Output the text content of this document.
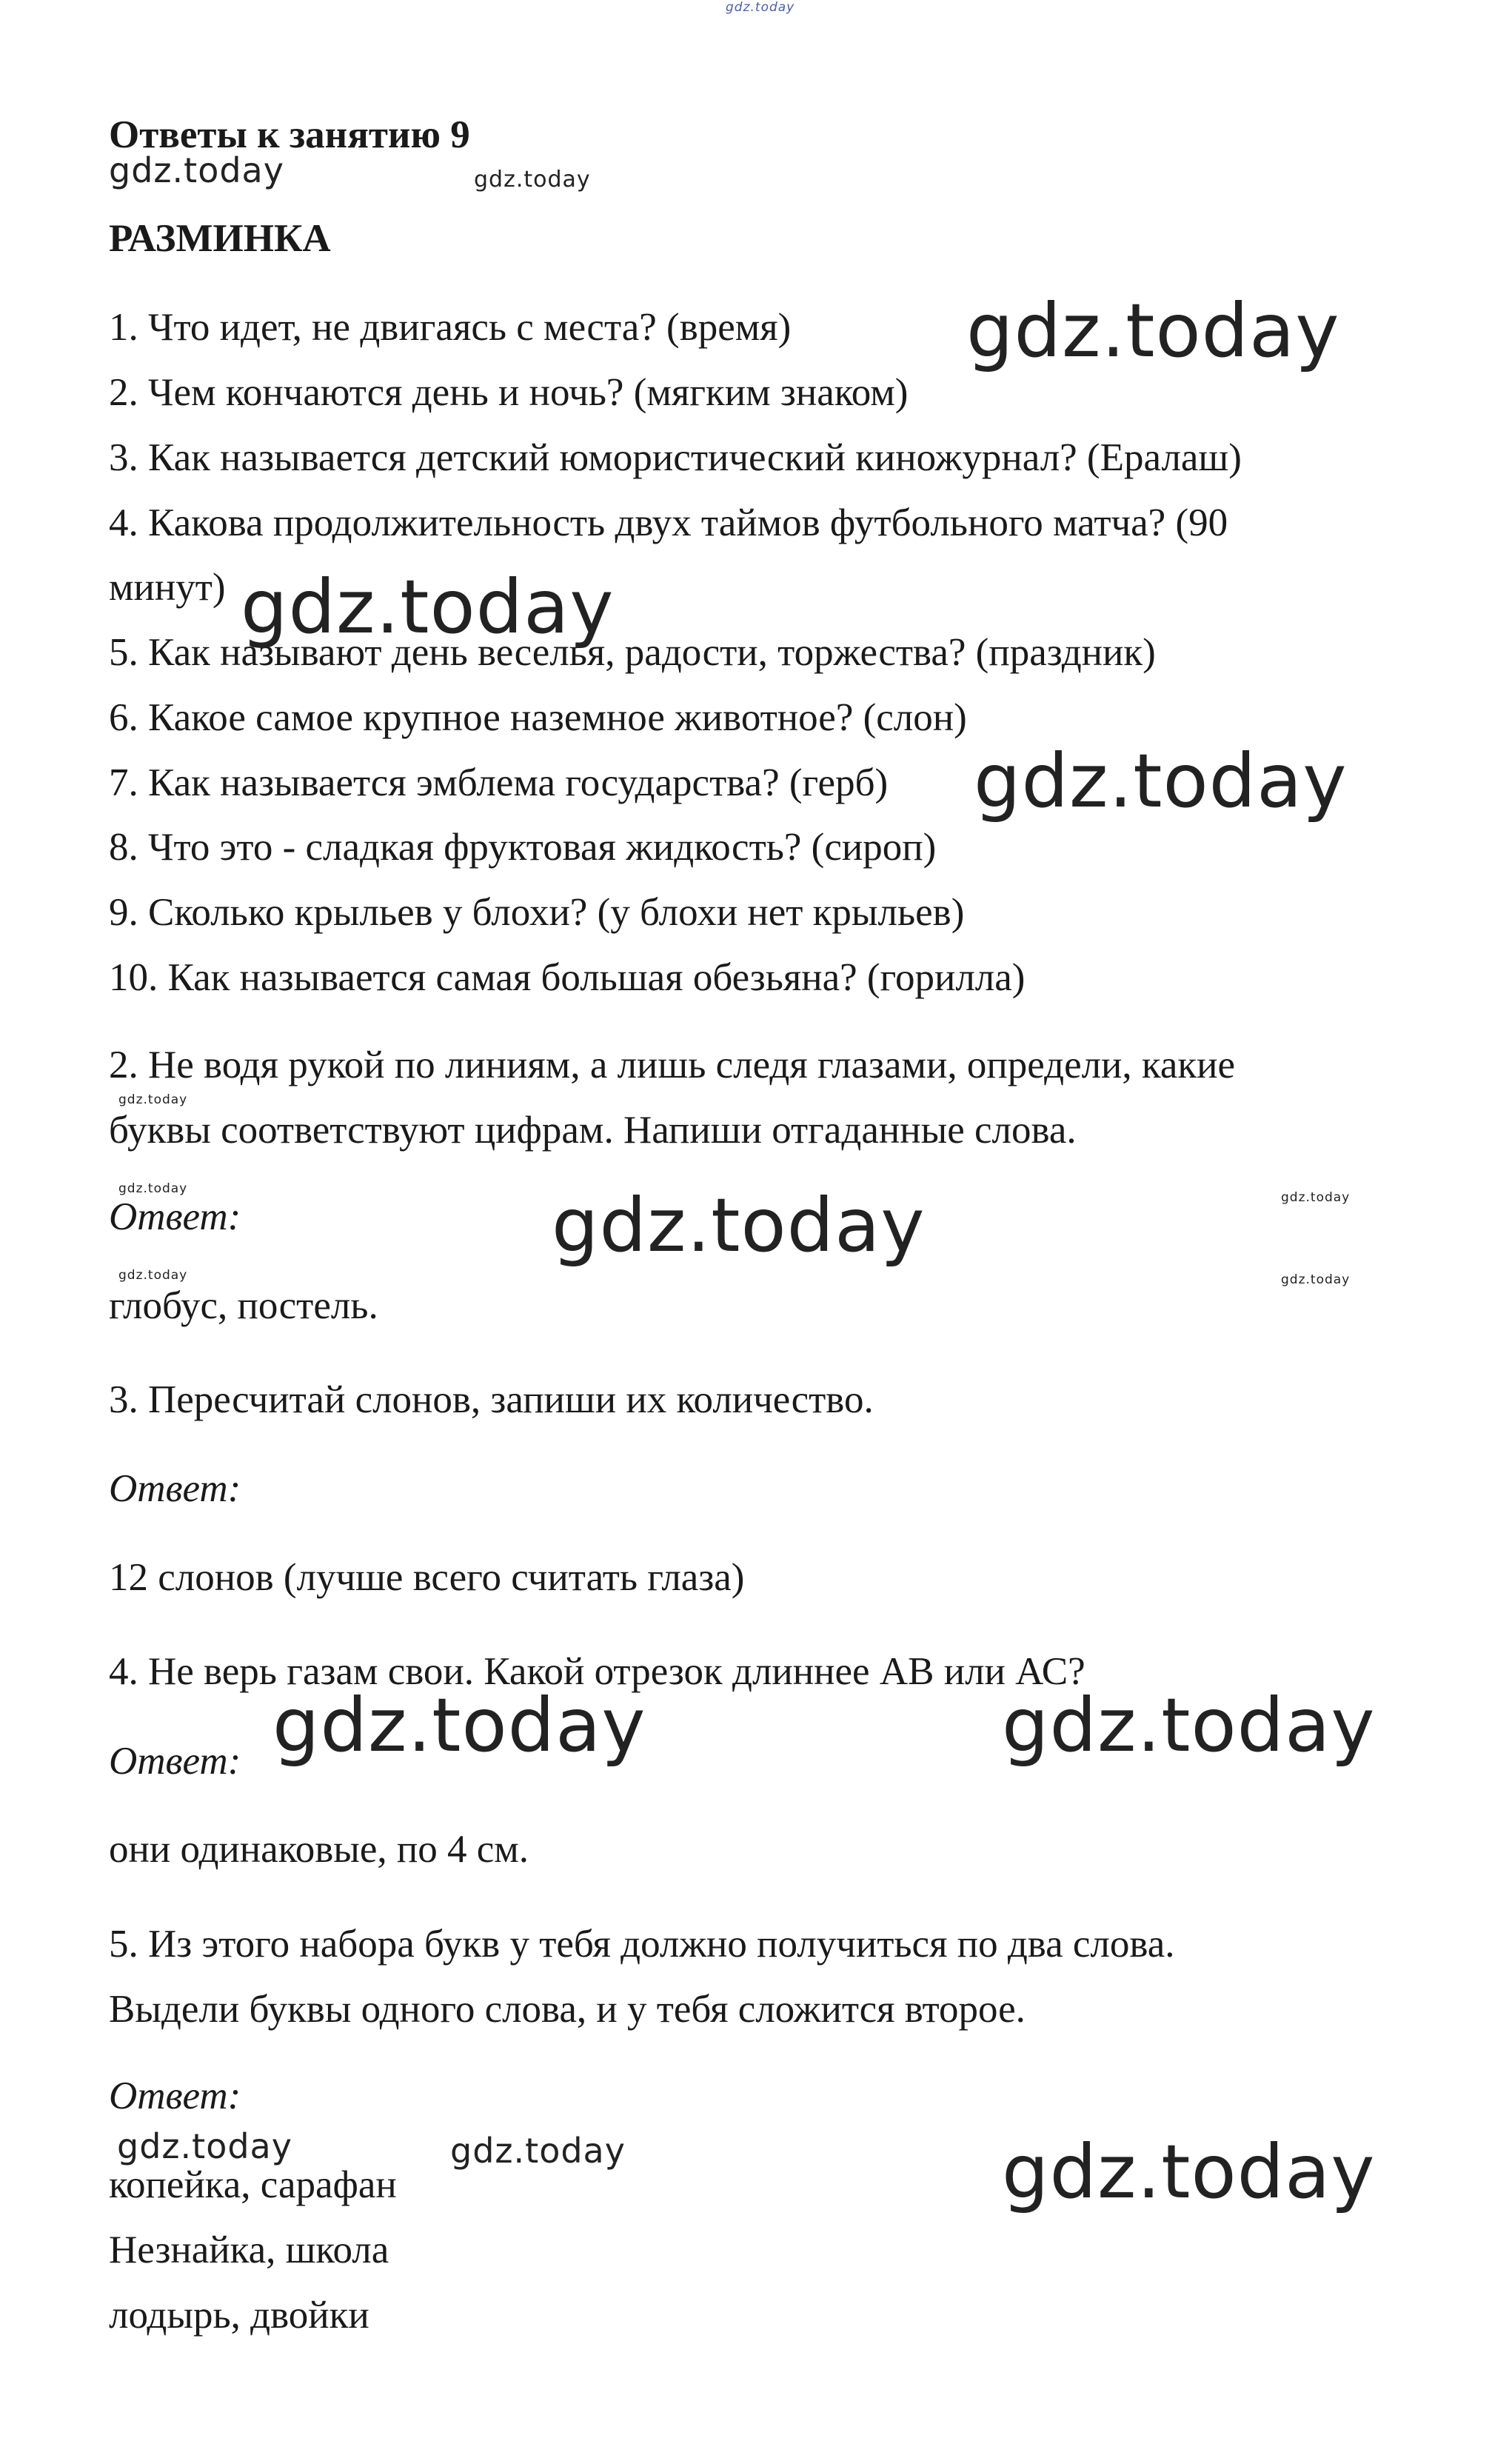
Ответы к занятию 9
РАЗМИНКА
1. Что идет, не двигаясь с места? (время)
2. Чем кончаются день и ночь? (мягким знаком)
3. Как называется детский юмористический киножурнал? (Ералаш)
4. Какова продолжительность двух таймов футбольного матча? (90
минут)
5. Как называют день веселья, радости, торжества? (праздник)
6. Какое самое крупное наземное животное? (слон)
7. Как называется эмблема государства? (герб)
8. Что это - сладкая фруктовая жидкость? (сироп)
9. Сколько крыльев у блохи? (у блохи нет крыльев)
10. Как называется самая большая обезьяна? (горилла)
2. Не водя рукой по линиям, а лишь следя глазами, определи, какие
буквы соответствуют цифрам. Напиши отгаданные слова.
Ответ:
глобус, постель.
3. Пересчитай слонов, запиши их количество.
Ответ:
12 слонов (лучше всего считать глаза)
4. Не верь газам свои. Какой отрезок длиннее АВ или АС?
Ответ:
они одинаковые, по 4 см.
5. Из этого набора букв у тебя должно получиться по два слова.
Выдели буквы одного слова, и у тебя сложится второе.
Ответ:
копейка, сарафан
Незнайка, школа
лодырь, двойки
gdz.today
gdz.today	gdz.today
gdz.today
gdz.today
gdz.today
gdz.today
gdz.today	gdz.today	gdz.today
gdz.today	gdz.today
gdz.today	gdz.today
gdz.today	gdz.today	gdz.today
